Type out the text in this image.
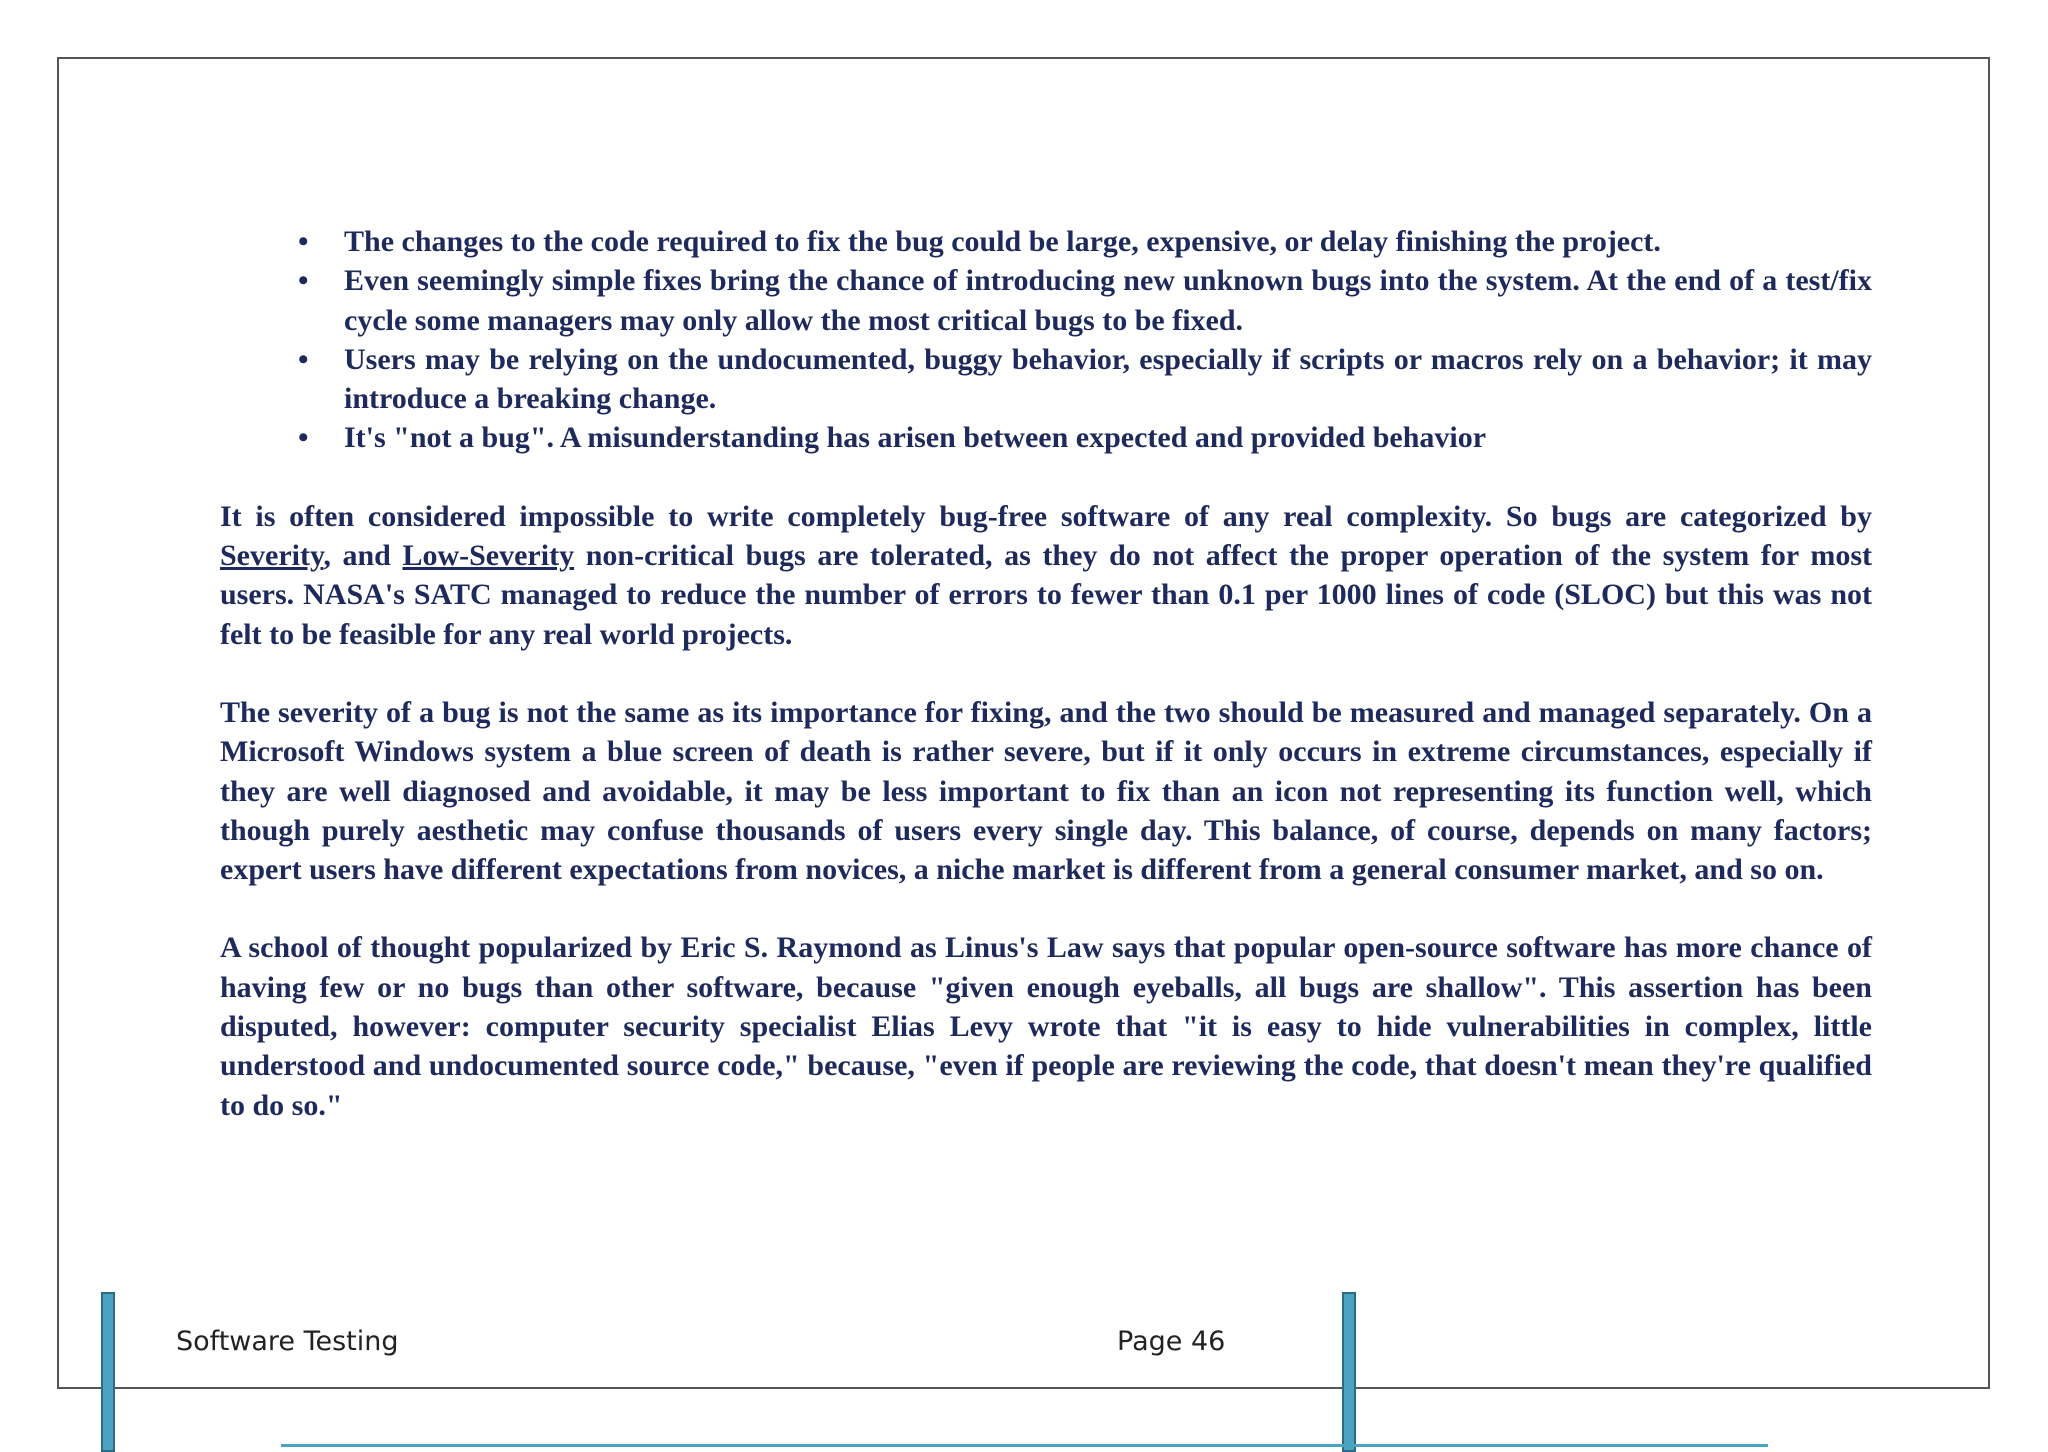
• The changes to the code required to fix the bug could be large, expensive, or delay finishing the project.
• Even seemingly simple fixes bring the chance of introducing new unknown bugs into the system. At the end of a test/fix cycle some managers may only allow the most critical bugs to be fixed.
• Users may be relying on the undocumented, buggy behavior, especially if scripts or macros rely on a behavior; it may introduce a breaking change.
• It's "not a bug". A misunderstanding has arisen between expected and provided behavior

It is often considered impossible to write completely bug-free software of any real complexity. So bugs are categorized by Severity, and Low-Severity non-critical bugs are tolerated, as they do not affect the proper operation of the system for most users. NASA's SATC managed to reduce the number of errors to fewer than 0.1 per 1000 lines of code (SLOC) but this was not felt to be feasible for any real world projects.

The severity of a bug is not the same as its importance for fixing, and the two should be measured and managed separately. On a Microsoft Windows system a blue screen of death is rather severe, but if it only occurs in extreme circumstances, especially if they are well diagnosed and avoidable, it may be less important to fix than an icon not representing its function well, which though purely aesthetic may confuse thousands of users every single day. This balance, of course, depends on many factors; expert users have different expectations from novices, a niche market is different from a general consumer market, and so on.

A school of thought popularized by Eric S. Raymond as Linus's Law says that popular open-source software has more chance of having few or no bugs than other software, because "given enough eyeballs, all bugs are shallow". This assertion has been disputed, however: computer security specialist Elias Levy wrote that "it is easy to hide vulnerabilities in complex, little understood and undocumented source code," because, "even if people are reviewing the code, that doesn't mean they're qualified to do so."

Software Testing	Page 46
